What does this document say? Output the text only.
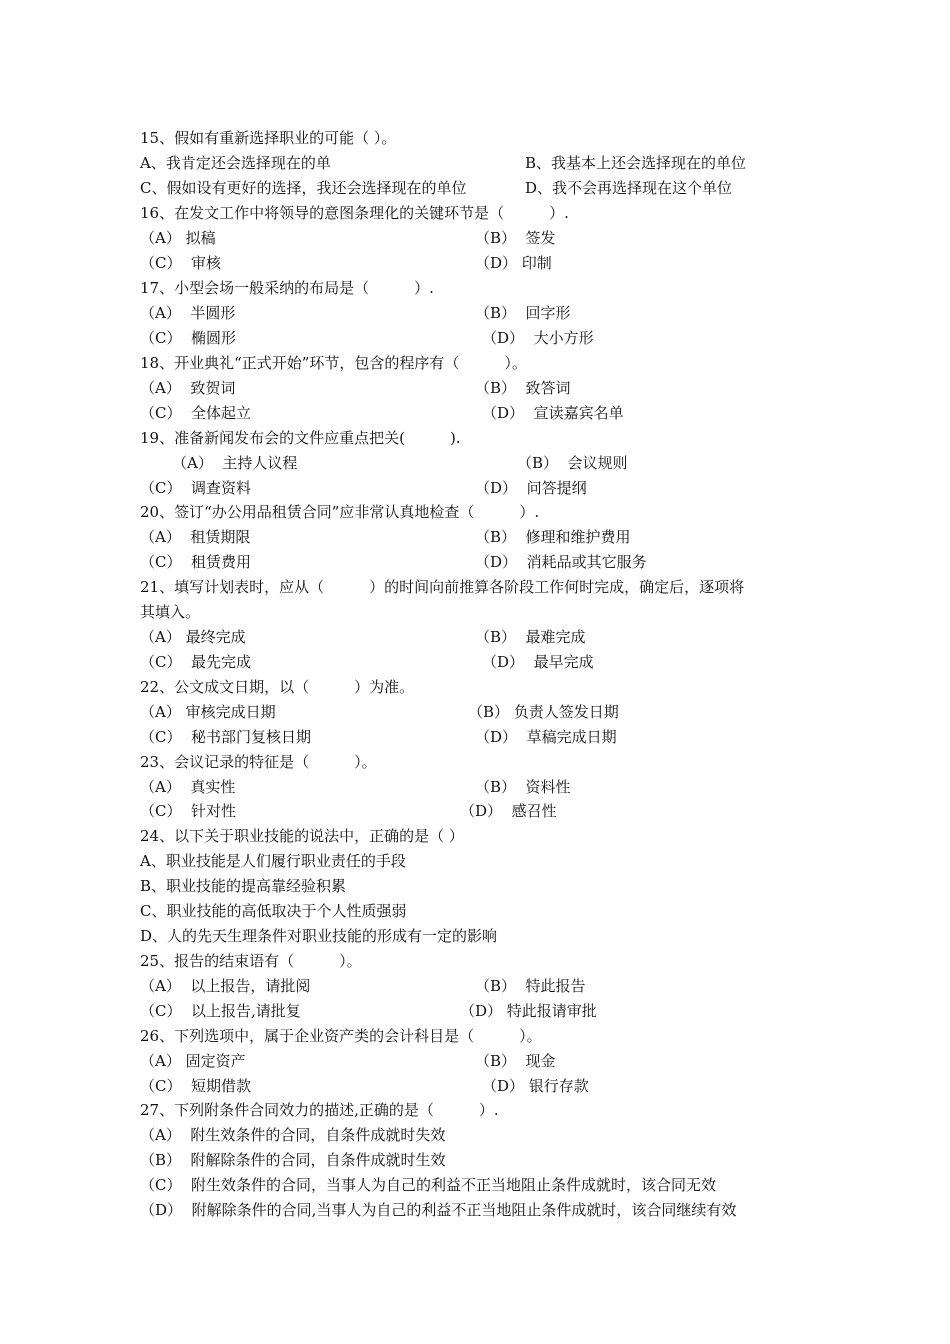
15、假如有重新选择职业的可能（ ）。
A、我肯定还会选择现在的单	B、我基本上还会选择现在的单位
C、假如设有更好的选择，我还会选择现在的单位	D、我不会再选择现在这个单位
16、在发文工作中将领导的意图条理化的关键环节是（　　　）.
（A） 拟稿	（B）  签发
（C）  审核	（D） 印制
17、小型会场一般采纳的布局是（　　　）.
（A）  半圆形	（B）  回字形
（C）  椭圆形	（D）  大小方形
18、开业典礼“正式开始”环节，包含的程序有（　　　）。
（A）  致贺词	（B）  致答词
（C）  全体起立	（D）  宣读嘉宾名单
19、准备新闻发布会的文件应重点把关(　　　).
（A）  主持人议程	（B）  会议规则
（C）  调查资料	（D）  问答提纲
20、签订“办公用品租赁合同”应非常认真地检查（　　　）.
（A）  租赁期限	（B）  修理和维护费用
（C）  租赁费用	（D）  消耗品或其它服务
21、填写计划表时，应从（　　　）的时间向前推算各阶段工作何时完成，确定后，逐项将
其填入。
（A） 最终完成	（B）  最难完成
（C）  最先完成	（D）  最早完成
22、公文成文日期，以（　　　）为准。
（A） 审核完成日期	（B） 负责人签发日期
（C）  秘书部门复核日期	（D）  草稿完成日期
23、会议记录的特征是（　　　）。
（A）  真实性	（B）  资料性
（C）  针对性	（D）  感召性
24、以下关于职业技能的说法中，正确的是（ ）
A、职业技能是人们履行职业责任的手段
B、职业技能的提高靠经验积累
C、职业技能的高低取决于个人性质强弱
D、人的先天生理条件对职业技能的形成有一定的影响
25、报告的结束语有（　　　）。
（A）  以上报告，请批阅	（B）  特此报告
（C）  以上报告,请批复	（D） 特此报请审批
26、下列选项中，属于企业资产类的会计科目是（　　　）。
（A） 固定资产	（B）  现金
（C）  短期借款	（D） 银行存款
27、下列附条件合同效力的描述,正确的是（　　　）.
（A）  附生效条件的合同，自条件成就时失效
（B）  附解除条件的合同，自条件成就时生效
（C）  附生效条件的合同，当事人为自己的利益不正当地阻止条件成就时，该合同无效
（D）  附解除条件的合同,当事人为自己的利益不正当地阻止条件成就时，该合同继续有效
